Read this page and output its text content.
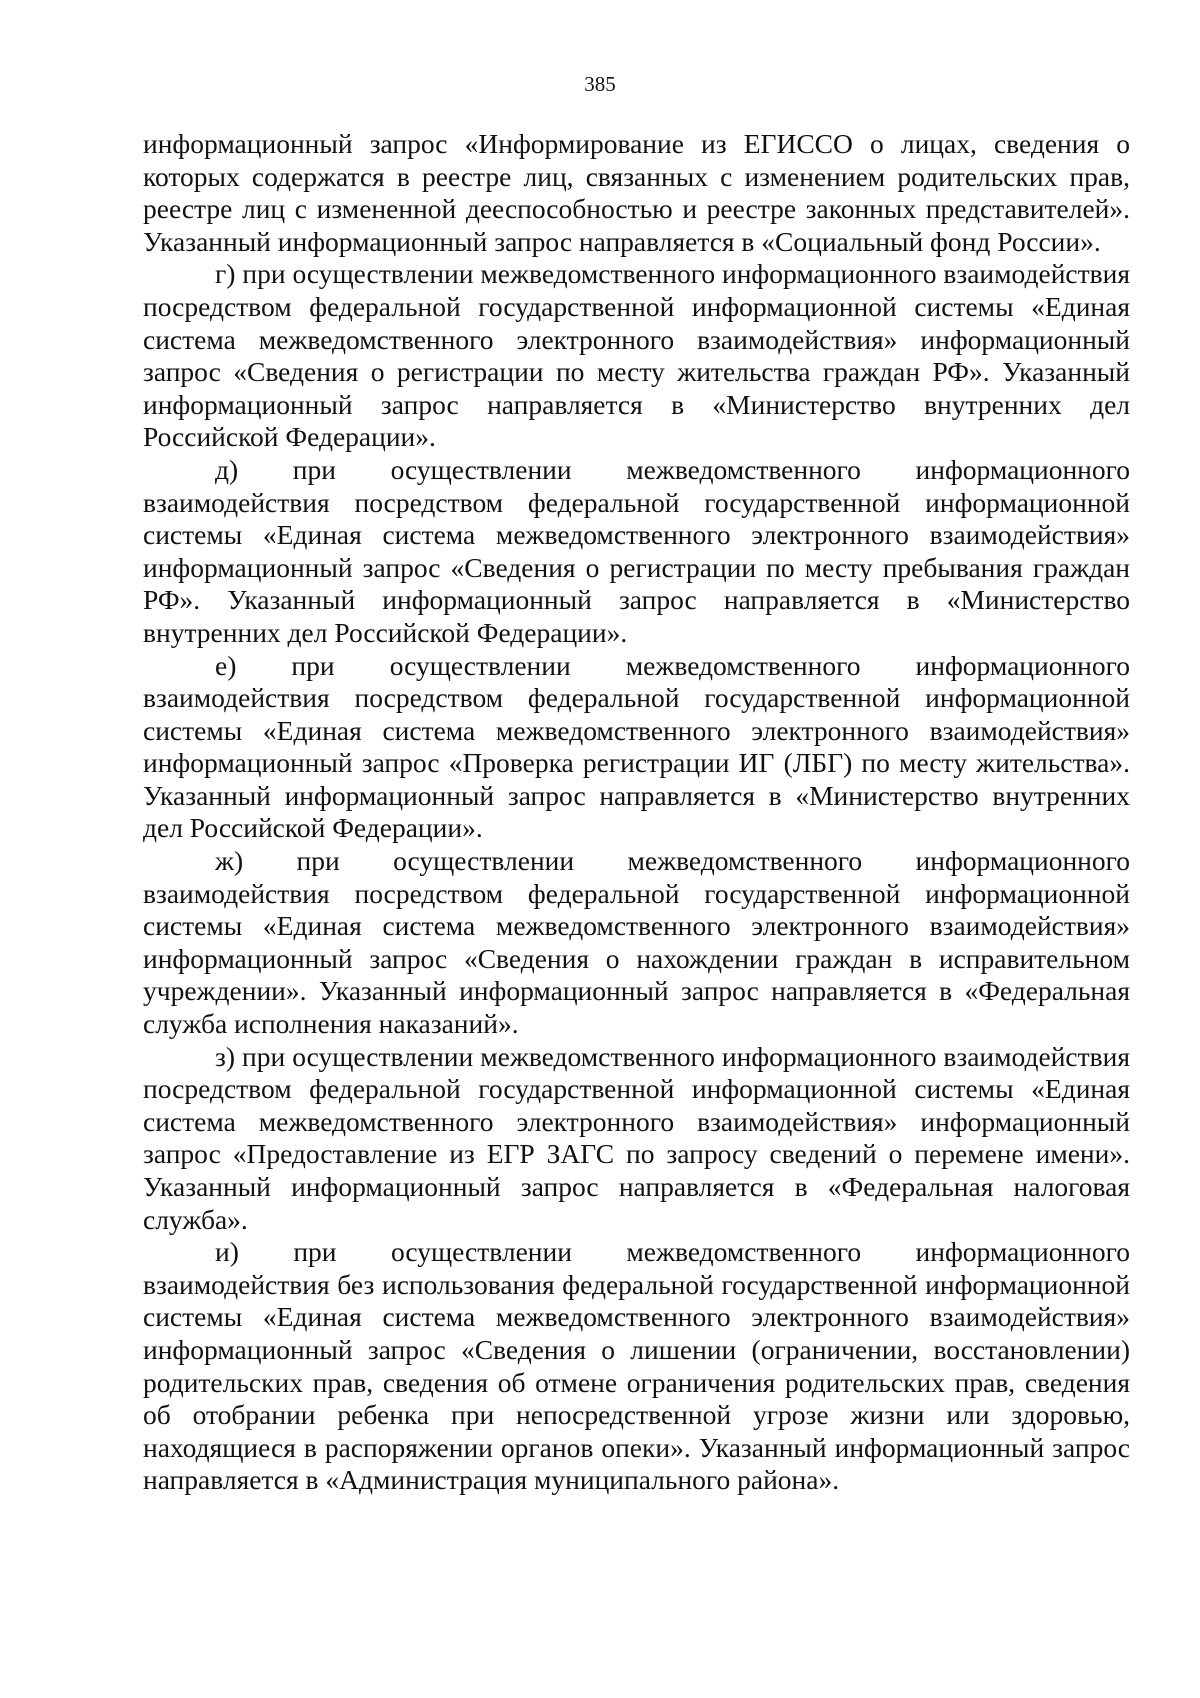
385

информационный запрос «Информирование из ЕГИССО о лицах, сведения о которых содержатся в реестре лиц, связанных с изменением родительских прав, реестре лиц с измененной дееспособностью и реестре законных представителей». Указанный информационный запрос направляется в «Социальный фонд России».

г) при осуществлении межведомственного информационного взаимодействия посредством федеральной государственной информационной системы «Единая система межведомственного электронного взаимодействия» информационный запрос «Сведения о регистрации по месту жительства граждан РФ». Указанный информационный запрос направляется в «Министерство внутренних дел Российской Федерации».

д) при осуществлении межведомственного информационного взаимодействия посредством федеральной государственной информационной системы «Единая система межведомственного электронного взаимодействия» информационный запрос «Сведения о регистрации по месту пребывания граждан РФ». Указанный информационный запрос направляется в «Министерство внутренних дел Российской Федерации».

е) при осуществлении межведомственного информационного взаимодействия посредством федеральной государственной информационной системы «Единая система межведомственного электронного взаимодействия» информационный запрос «Проверка регистрации ИГ (ЛБГ) по месту жительства». Указанный информационный запрос направляется в «Министерство внутренних дел Российской Федерации».

ж) при осуществлении межведомственного информационного взаимодействия посредством федеральной государственной информационной системы «Единая система межведомственного электронного взаимодействия» информационный запрос «Сведения о нахождении граждан в исправительном учреждении». Указанный информационный запрос направляется в «Федеральная служба исполнения наказаний».

з) при осуществлении межведомственного информационного взаимодействия посредством федеральной государственной информационной системы «Единая система межведомственного электронного взаимодействия» информационный запрос «Предоставление из ЕГР ЗАГС по запросу сведений о перемене имени». Указанный информационный запрос направляется в «Федеральная налоговая служба».

и) при осуществлении межведомственного информационного взаимодействия без использования федеральной государственной информационной системы «Единая система межведомственного электронного взаимодействия» информационный запрос «Сведения о лишении (ограничении, восстановлении) родительских прав, сведения об отмене ограничения родительских прав, сведения об отобрании ребенка при непосредственной угрозе жизни или здоровью, находящиеся в распоряжении органов опеки». Указанный информационный запрос направляется в «Администрация муниципального района».
